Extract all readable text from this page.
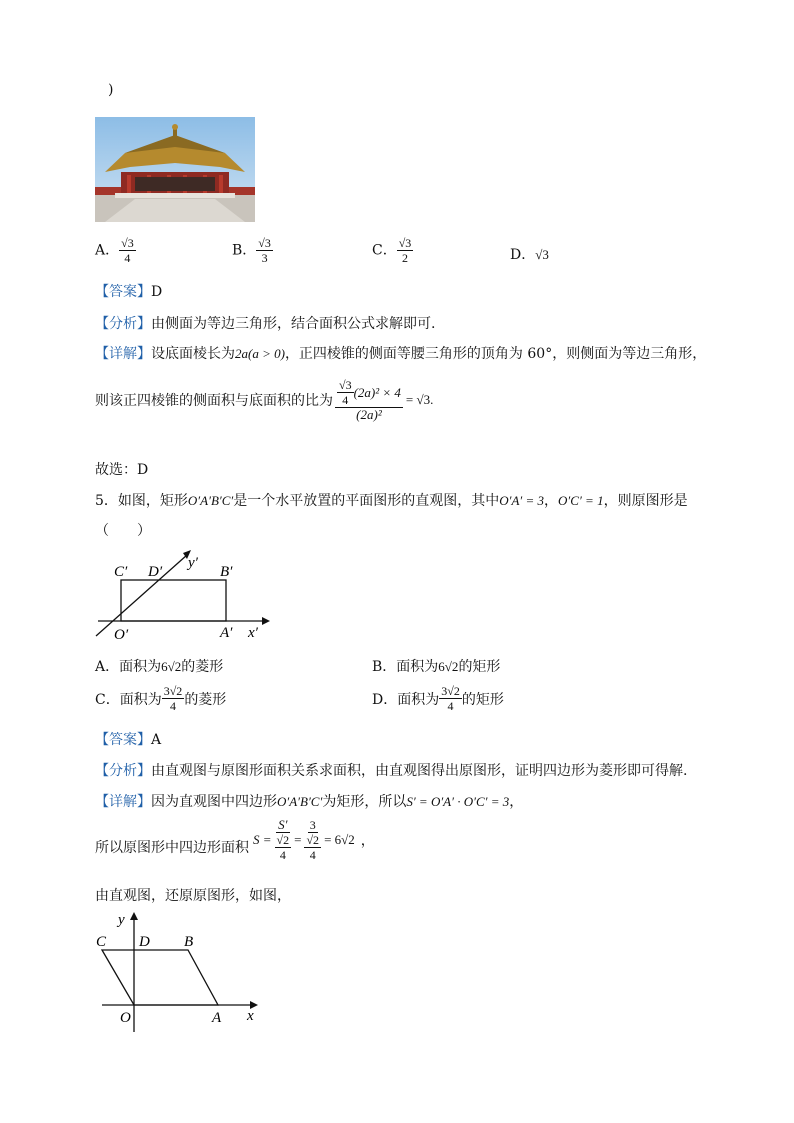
)
A． $\frac{√3}{4}$	B． $\frac{√3}{3}$	C． $\frac{√3}{2}$	D．√3
【答案】D
【分析】由侧面为等边三角形，结合面积公式求解即可.
【详解】设底面棱长为2a(a > 0)，正四棱锥的侧面等腰三角形的顶角为 60°，则侧面为等边三角形，
则该正四棱锥的侧面积与底面积的比为 $\frac{\frac{√3}{4} (2a)^2 \times 4}{\text{(2a)²}} = √3$.
故选：D
5．如图，矩形O′A′B′C′是一个水平放置的平面图形的直观图，其中O′A′ = 3，O′C′ = 1，则原图形是
（　　）
C′ D′
y′
B′
O′	A′ x′
A．面积为6√2的菱形	B．面积为6√2的矩形
C．面积为 $\frac{3√2}{4}$ 的菱形	D．面积为 $\frac{3√2}{4}$ 的矩形
【答案】A
【分析】由直观图与原图形面积关系求面积，由直观图得出原图形，证明四边形为菱形即可得解.
【详解】因为直观图中四边形O′A′B′C′为矩形，所以S′ = O′A′ · O′C′ = 3，
所以原图形中四边形面积
$S = \frac{S'}{\frac{√2}{4}} = \frac{3}{\frac{√2}{4}} = 6√2$ ，
由直观图，还原原图形，如图，
y
C D B
O	A x
